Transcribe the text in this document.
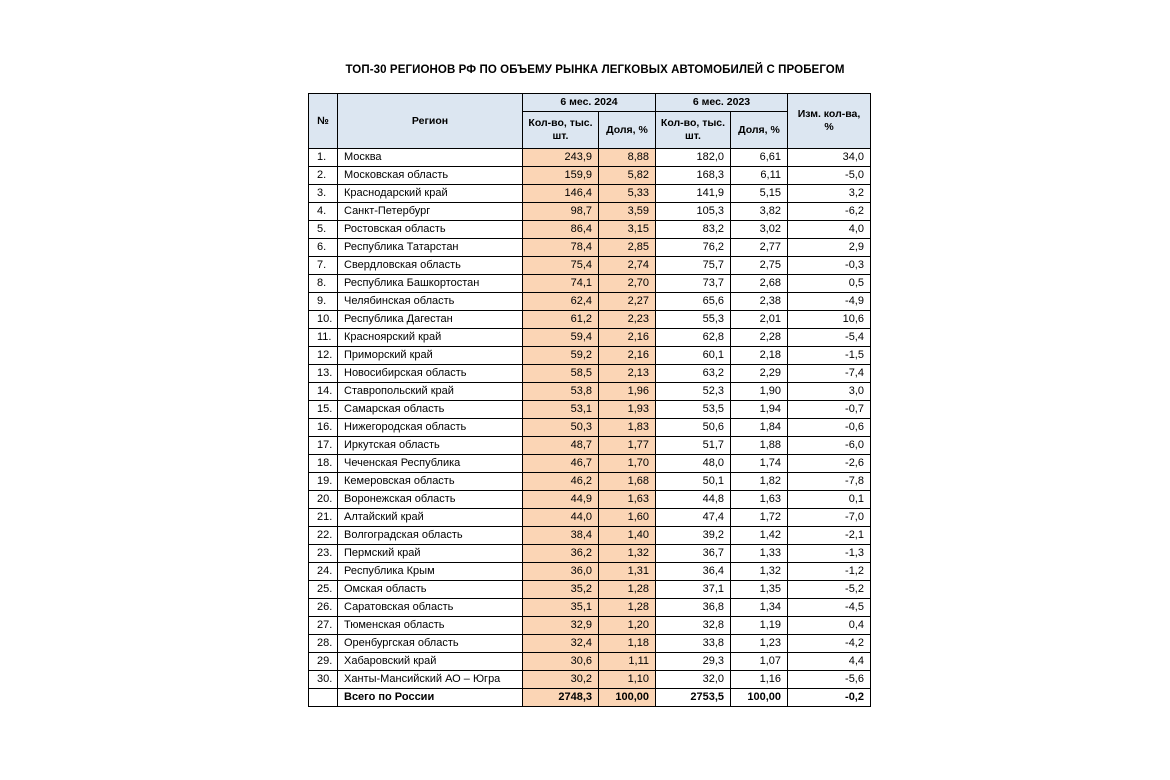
ТОП-30 РЕГИОНОВ РФ ПО ОБЪЕМУ РЫНКА ЛЕГКОВЫХ АВТОМОБИЛЕЙ С ПРОБЕГОМ
№	Регион	6 мес. 2024		6 мес. 2023		Изм. кол-ва, %
		Кол-во, тыс. шт.	Доля, %	Кол-во, тыс. шт.	Доля, %	
1.	Москва	243,9	8,88	182,0	6,61	34,0
2.	Московская область	159,9	5,82	168,3	6,11	-5,0
3.	Краснодарский край	146,4	5,33	141,9	5,15	3,2
4.	Санкт-Петербург	98,7	3,59	105,3	3,82	-6,2
5.	Ростовская область	86,4	3,15	83,2	3,02	4,0
6.	Республика Татарстан	78,4	2,85	76,2	2,77	2,9
7.	Свердловская область	75,4	2,74	75,7	2,75	-0,3
8.	Республика Башкортостан	74,1	2,70	73,7	2,68	0,5
9.	Челябинская область	62,4	2,27	65,6	2,38	-4,9
10.	Республика Дагестан	61,2	2,23	55,3	2,01	10,6
11.	Красноярский край	59,4	2,16	62,8	2,28	-5,4
12.	Приморский край	59,2	2,16	60,1	2,18	-1,5
13.	Новосибирская область	58,5	2,13	63,2	2,29	-7,4
14.	Ставропольский край	53,8	1,96	52,3	1,90	3,0
15.	Самарская область	53,1	1,93	53,5	1,94	-0,7
16.	Нижегородская область	50,3	1,83	50,6	1,84	-0,6
17.	Иркутская область	48,7	1,77	51,7	1,88	-6,0
18.	Чеченская Республика	46,7	1,70	48,0	1,74	-2,6
19.	Кемеровская область	46,2	1,68	50,1	1,82	-7,8
20.	Воронежская область	44,9	1,63	44,8	1,63	0,1
21.	Алтайский край	44,0	1,60	47,4	1,72	-7,0
22.	Волгоградская область	38,4	1,40	39,2	1,42	-2,1
23.	Пермский край	36,2	1,32	36,7	1,33	-1,3
24.	Республика Крым	36,0	1,31	36,4	1,32	-1,2
25.	Омская область	35,2	1,28	37,1	1,35	-5,2
26.	Саратовская область	35,1	1,28	36,8	1,34	-4,5
27.	Тюменская область	32,9	1,20	32,8	1,19	0,4
28.	Оренбургская область	32,4	1,18	33,8	1,23	-4,2
29.	Хабаровский край	30,6	1,11	29,3	1,07	4,4
30.	Ханты-Мансийский АО – Югра	30,2	1,10	32,0	1,16	-5,6
	Всего по России	2748,3	100,00	2753,5	100,00	-0,2
